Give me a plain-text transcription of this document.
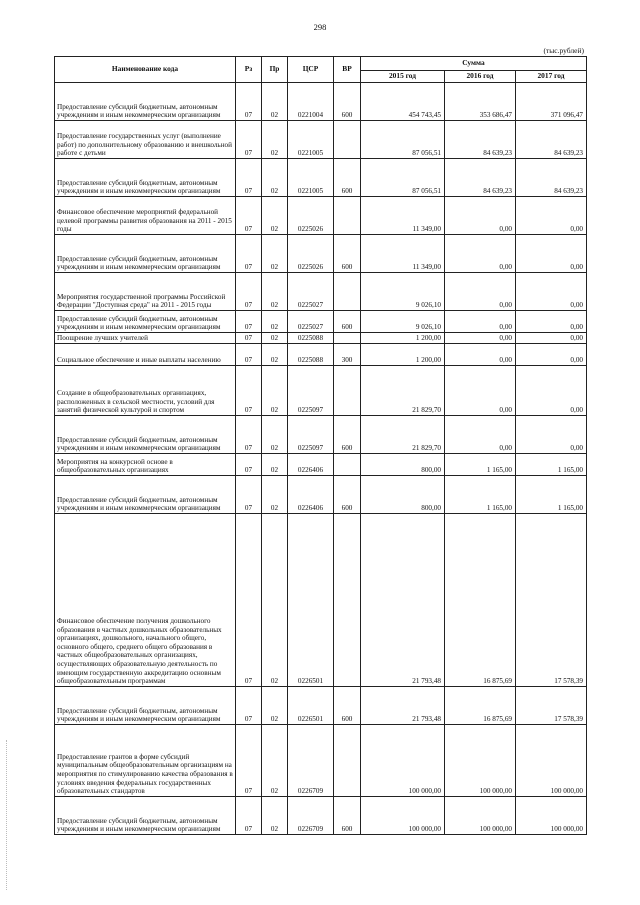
298
(тыс.рублей)
Наименование кода	Рз	Пр	ЦСР	ВР	Сумма		
					2015 год	2016 год	2017 год
Предоставление субсидий бюджетным, автономным учреждениям и иным некоммерческим организациям	07	02	0221004	600	454 743,45	353 686,47	371 096,47
Предоставление государственных услуг (выполнение работ) по дополнительному образованию и внешкольной работе с детьми	07	02	0221005		87 056,51	84 639,23	84 639,23
Предоставление субсидий бюджетным, автономным учреждениям и иным некоммерческим организациям	07	02	0221005	600	87 056,51	84 639,23	84 639,23
Финансовое обеспечение мероприятий федеральной целевой программы развития образования на 2011 - 2015 годы	07	02	0225026		11 349,00	0,00	0,00
Предоставление субсидий бюджетным, автономным учреждениям и иным некоммерческим организациям	07	02	0225026	600	11 349,00	0,00	0,00
Мероприятия государственной программы Российской Федерации "Доступная среда" на 2011 - 2015 годы	07	02	0225027		9 026,10	0,00	0,00
Предоставление субсидий бюджетным, автономным учреждениям и иным некоммерческим организациям	07	02	0225027	600	9 026,10	0,00	0,00
Поощрение лучших учителей	07	02	0225088		1 200,00	0,00	0,00
Социальное обеспечение и иные выплаты населению	07	02	0225088	300	1 200,00	0,00	0,00
Создание в общеобразовательных организациях, расположенных в сельской местности, условий для занятий физической культурой и спортом	07	02	0225097		21 829,70	0,00	0,00
Предоставление субсидий бюджетным, автономным учреждениям и иным некоммерческим организациям	07	02	0225097	600	21 829,70	0,00	0,00
Мероприятия на конкурсной основе в общеобразовательных организациях	07	02	0226406		800,00	1 165,00	1 165,00
Предоставление субсидий бюджетным, автономным учреждениям и иным некоммерческим организациям	07	02	0226406	600	800,00	1 165,00	1 165,00
Финансовое обеспечение получения дошкольного образования в частных дошкольных образовательных организациях, дошкольного, начального общего, основного общего, среднего общего образования в частных общеобразовательных организациях, осуществляющих образовательную деятельность по имеющим государственную аккредитацию основным общеобразовательным программам	07	02	0226501		21 793,48	16 875,69	17 578,39
Предоставление субсидий бюджетным, автономным учреждениям и иным некоммерческим организациям	07	02	0226501	600	21 793,48	16 875,69	17 578,39
Предоставление грантов в форме субсидий муниципальным общеобразовательным организациям на мероприятия по стимулированию качества образования в условиях введения федеральных государственных образовательных стандартов	07	02	0226709		100 000,00	100 000,00	100 000,00
Предоставление субсидий бюджетным, автономным учреждениям и иным некоммерческим организациям	07	02	0226709	600	100 000,00	100 000,00	100 000,00
